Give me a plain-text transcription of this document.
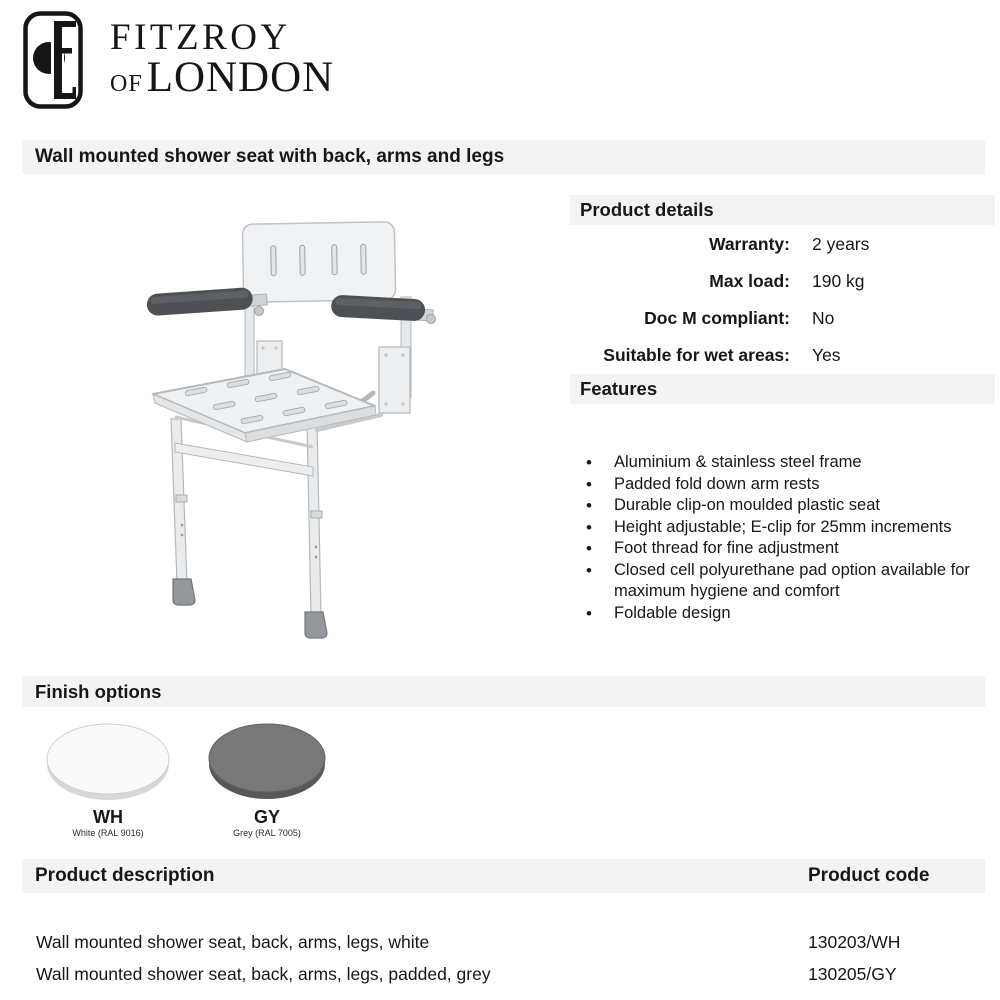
FITZROY
OF LONDON
Wall mounted shower seat with back, arms and legs
Product details
Warranty: 2 years
Max load: 190 kg
Doc M compliant: No
Suitable for wet areas: Yes
Features
• Aluminium & stainless steel frame
• Padded fold down arm rests
• Durable clip-on moulded plastic seat
• Height adjustable; E-clip for 25mm increments
• Foot thread for fine adjustment
• Closed cell polyurethane pad option available for maximum hygiene and comfort
• Foldable design
Finish options
WH
White (RAL 9016)
GY
Grey (RAL 7005)
Product description	Product code
Wall mounted shower seat, back, arms, legs, white	130203/WH
Wall mounted shower seat, back, arms, legs, padded, grey	130205/GY
